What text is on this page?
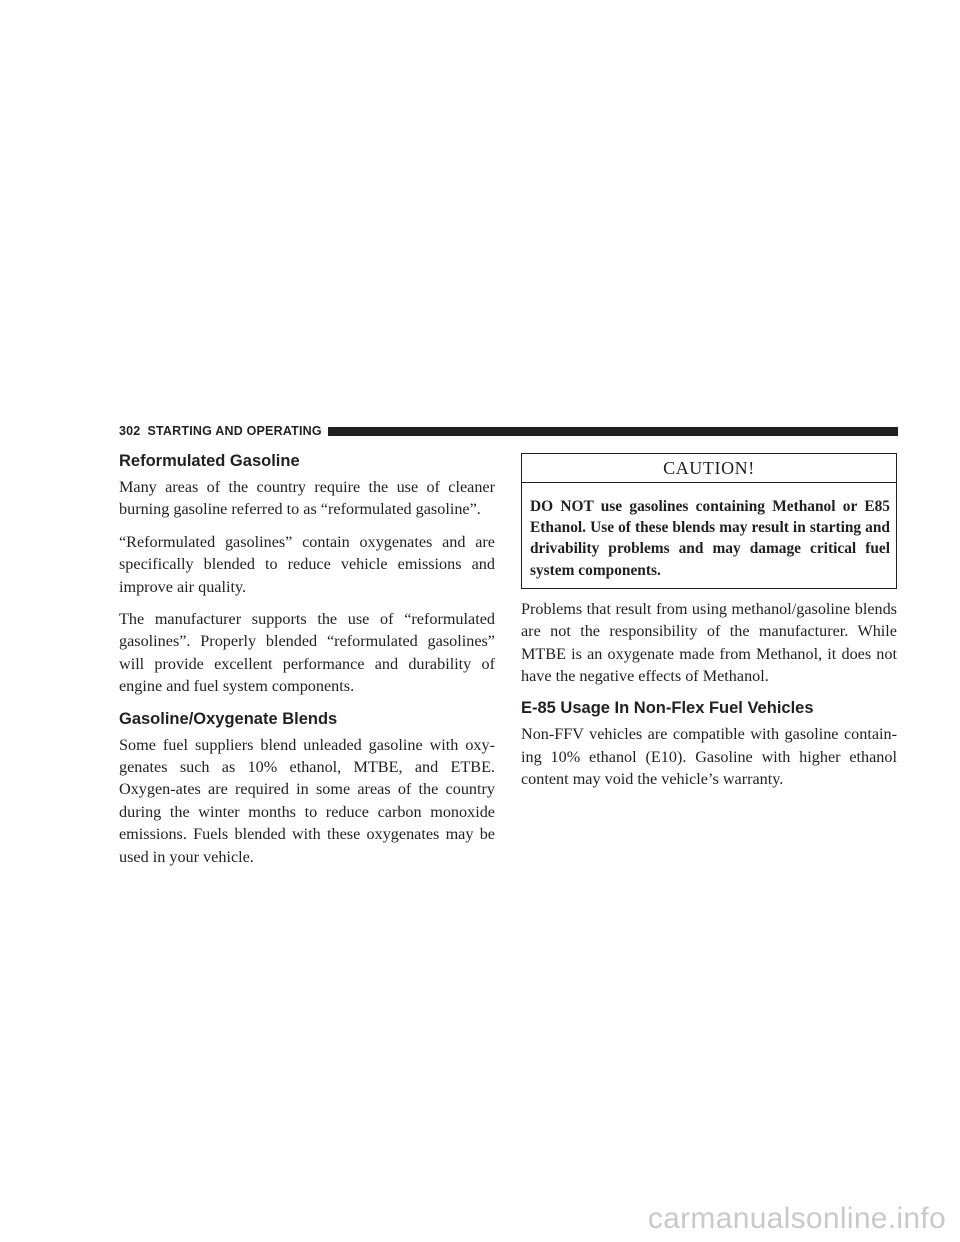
302 STARTING AND OPERATING
Reformulated Gasoline

Many areas of the country require the use of cleaner burning gasoline referred to as “reformulated gasoline”.

“Reformulated gasolines” contain oxygenates and are specifically blended to reduce vehicle emissions and improve air quality.

The manufacturer supports the use of “reformulated gasolines”. Properly blended “reformulated gasolines” will provide excellent performance and durability of engine and fuel system components.

Gasoline/Oxygenate Blends

Some fuel suppliers blend unleaded gasoline with oxy-genates such as 10% ethanol, MTBE, and ETBE. Oxygen-ates are required in some areas of the country during the winter months to reduce carbon monoxide emissions. Fuels blended with these oxygenates may be used in your vehicle.

CAUTION!
DO NOT use gasolines containing Methanol or E85 Ethanol. Use of these blends may result in starting and drivability problems and may damage critical fuel system components.

Problems that result from using methanol/gasoline blends are not the responsibility of the manufacturer. While MTBE is an oxygenate made from Methanol, it does not have the negative effects of Methanol.

E-85 Usage In Non-Flex Fuel Vehicles

Non-FFV vehicles are compatible with gasoline contain-ing 10% ethanol (E10). Gasoline with higher ethanol content may void the vehicle’s warranty.

carmanualsonline.info
